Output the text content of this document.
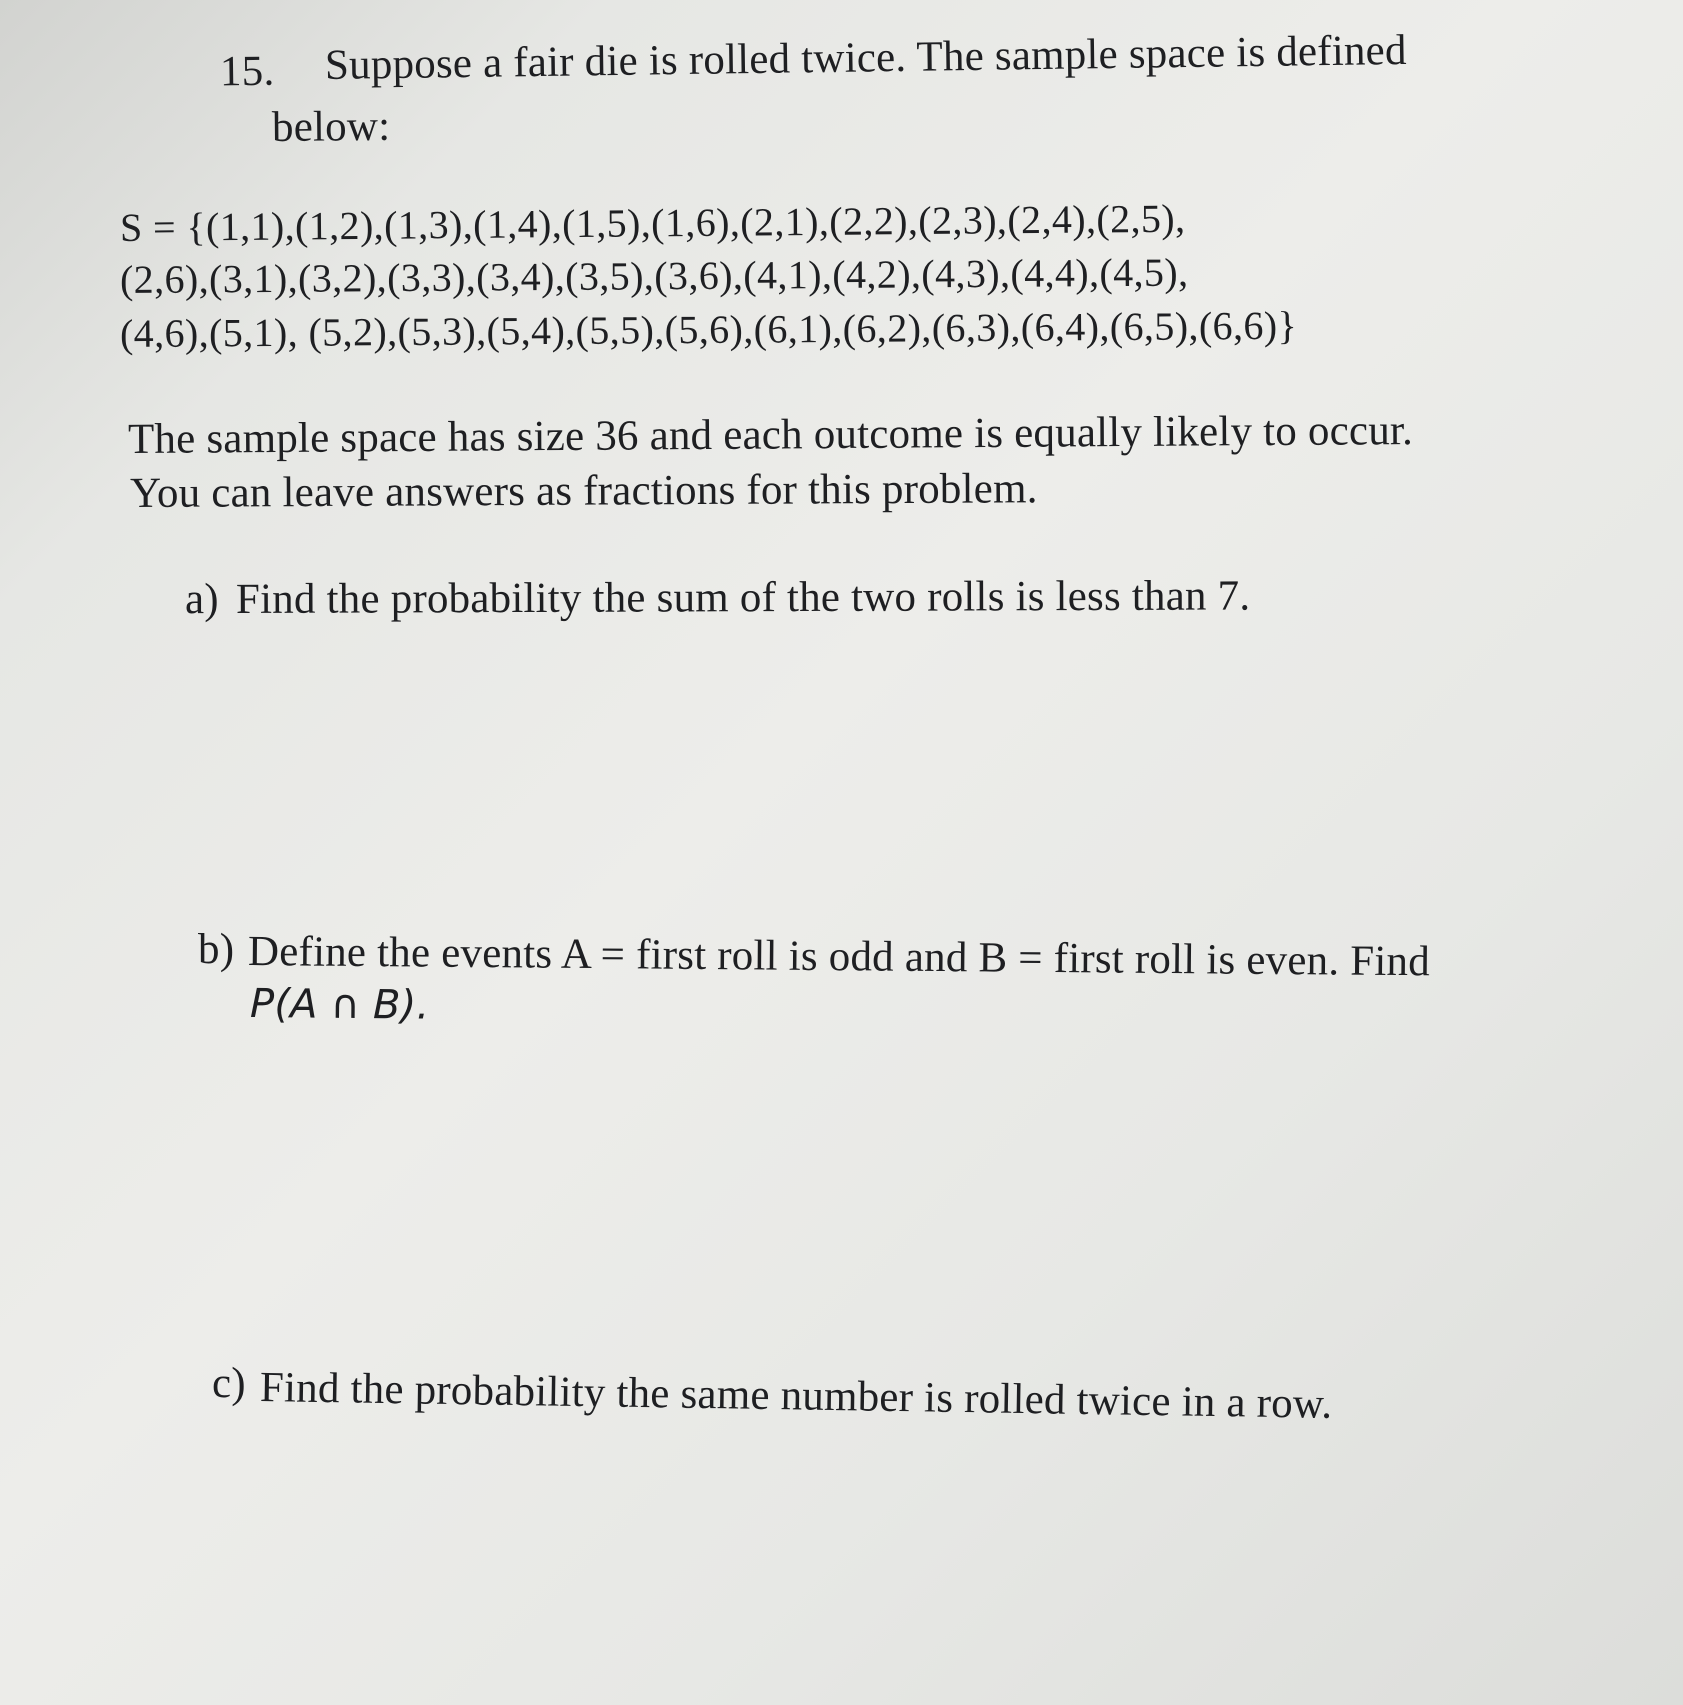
15. Suppose a fair die is rolled twice. The sample space is defined
below:
S = {(1,1),(1,2),(1,3),(1,4),(1,5),(1,6),(2,1),(2,2),(2,3),(2,4),(2,5),
(2,6),(3,1),(3,2),(3,3),(3,4),(3,5),(3,6),(4,1),(4,2),(4,3),(4,4),(4,5),
(4,6),(5,1), (5,2),(5,3),(5,4),(5,5),(5,6),(6,1),(6,2),(6,3),(6,4),(6,5),(6,6)}
The sample space has size 36 and each outcome is equally likely to occur.
You can leave answers as fractions for this problem.
a) Find the probability the sum of the two rolls is less than 7.
b) Define the events A = first roll is odd and B = first roll is even. Find
P(A ∩ B).
c) Find the probability the same number is rolled twice in a row.
